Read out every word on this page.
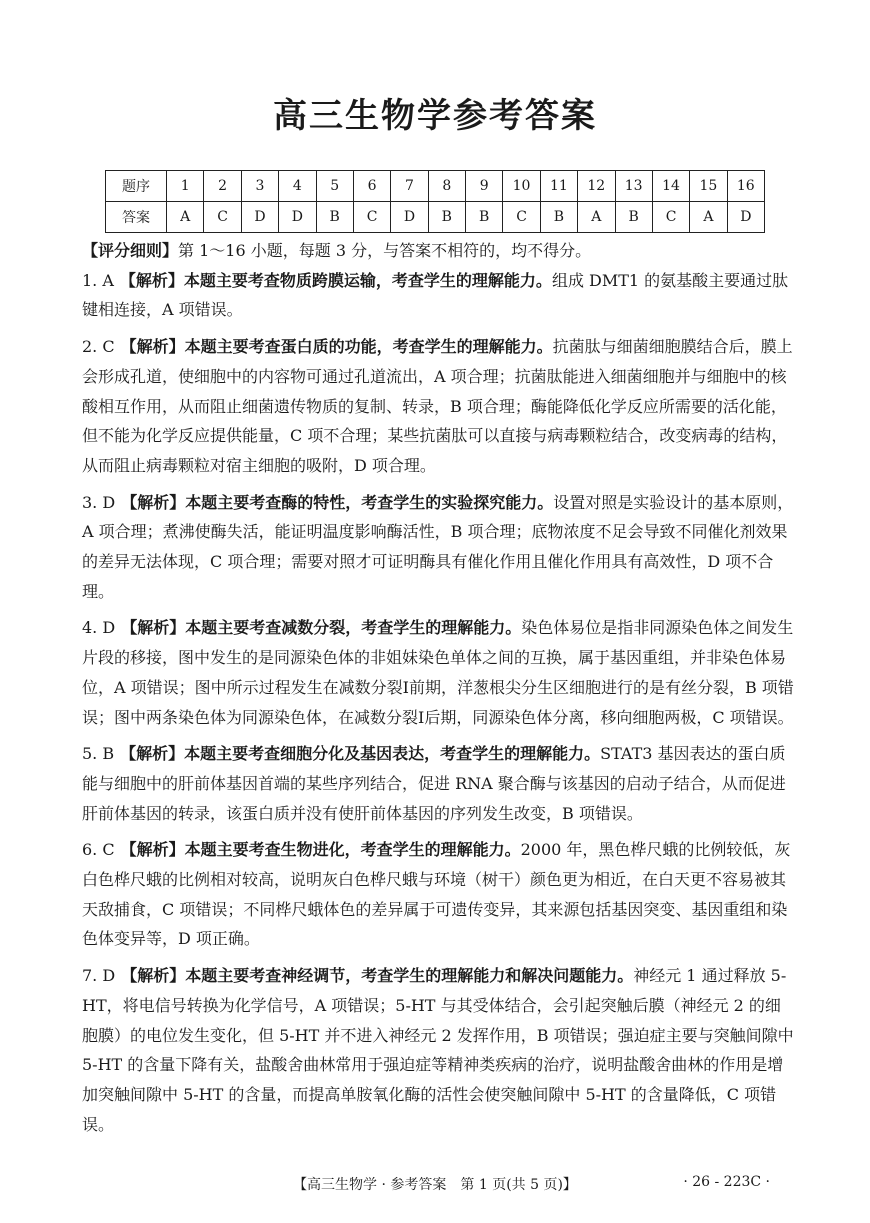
高三生物学参考答案
题序	1	2	3	4	5	6	7	8	9	10	11	12	13	14	15	16
答案	A	C	D	D	B	C	D	B	B	C	B	A	B	C	A	D

【评分细则】第 1～16 小题，每题 3 分，与答案不相符的，均不得分。

1. A 【解析】本题主要考查物质跨膜运输，考查学生的理解能力。组成 DMT1 的氨基酸主要通过肽键相连接，A 项错误。

2. C 【解析】本题主要考查蛋白质的功能，考查学生的理解能力。抗菌肽与细菌细胞膜结合后，膜上会形成孔道，使细胞中的内容物可通过孔道流出，A 项合理；抗菌肽能进入细菌细胞并与细胞中的核酸相互作用，从而阻止细菌遗传物质的复制、转录，B 项合理；酶能降低化学反应所需要的活化能，但不能为化学反应提供能量，C 项不合理；某些抗菌肽可以直接与病毒颗粒结合，改变病毒的结构，从而阻止病毒颗粒对宿主细胞的吸附，D 项合理。

3. D 【解析】本题主要考查酶的特性，考查学生的实验探究能力。设置对照是实验设计的基本原则，A 项合理；煮沸使酶失活，能证明温度影响酶活性，B 项合理；底物浓度不足会导致不同催化剂效果的差异无法体现，C 项合理；需要对照才可证明酶具有催化作用且催化作用具有高效性，D 项不合理。

4. D 【解析】本题主要考查减数分裂，考查学生的理解能力。染色体易位是指非同源染色体之间发生片段的移接，图中发生的是同源染色体的非姐妹染色单体之间的互换，属于基因重组，并非染色体易位，A 项错误；图中所示过程发生在减数分裂Ⅰ前期，洋葱根尖分生区细胞进行的是有丝分裂，B 项错误；图中两条染色体为同源染色体，在减数分裂Ⅰ后期，同源染色体分离，移向细胞两极，C 项错误。

5. B 【解析】本题主要考查细胞分化及基因表达，考查学生的理解能力。STAT3 基因表达的蛋白质能与细胞中的肝前体基因首端的某些序列结合，促进 RNA 聚合酶与该基因的启动子结合，从而促进肝前体基因的转录，该蛋白质并没有使肝前体基因的序列发生改变，B 项错误。

6. C 【解析】本题主要考查生物进化，考查学生的理解能力。2000 年，黑色桦尺蛾的比例较低，灰白色桦尺蛾的比例相对较高，说明灰白色桦尺蛾与环境（树干）颜色更为相近，在白天更不容易被其天敌捕食，C 项错误；不同桦尺蛾体色的差异属于可遗传变异，其来源包括基因突变、基因重组和染色体变异等，D 项正确。

7. D 【解析】本题主要考查神经调节，考查学生的理解能力和解决问题能力。神经元 1 通过释放 5-HT，将电信号转换为化学信号，A 项错误；5-HT 与其受体结合，会引起突触后膜（神经元 2 的细胞膜）的电位发生变化，但 5-HT 并不进入神经元 2 发挥作用，B 项错误；强迫症主要与突触间隙中 5-HT 的含量下降有关，盐酸舍曲林常用于强迫症等精神类疾病的治疗，说明盐酸舍曲林的作用是增加突触间隙中 5-HT 的含量，而提高单胺氧化酶的活性会使突触间隙中 5-HT 的含量降低，C 项错误。

【高三生物学 · 参考答案　第 1 页(共 5 页)】	· 26 - 223C ·
